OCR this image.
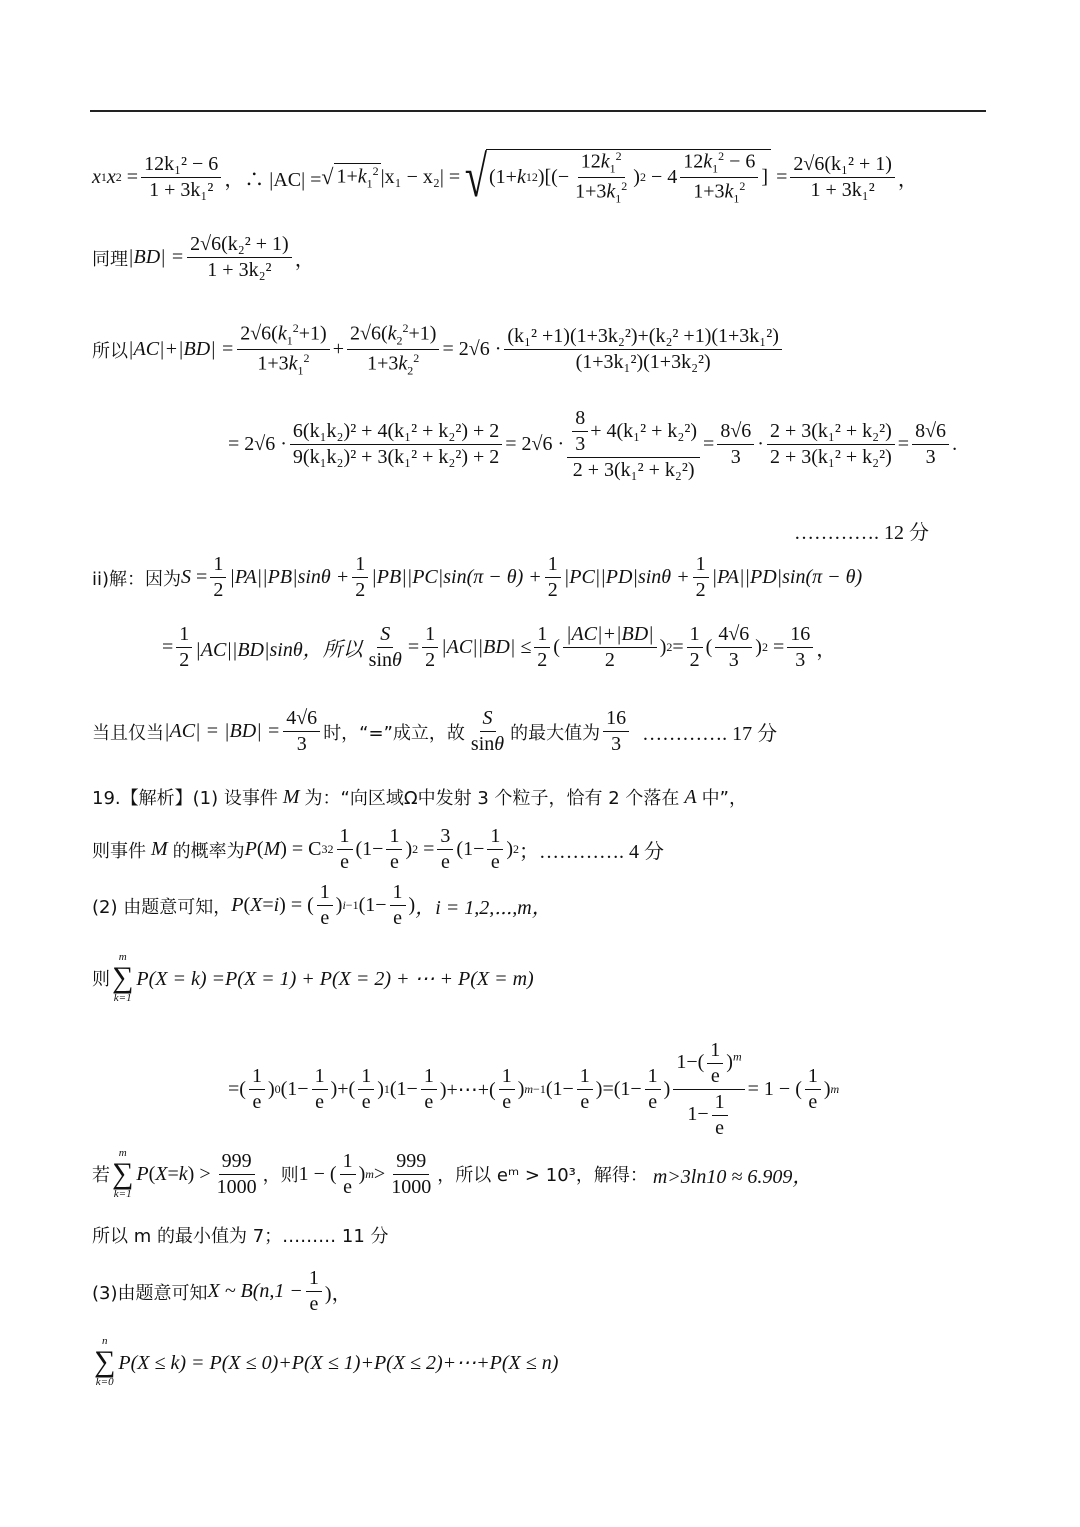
x 1 x $2 = \frac{\text{12k₁² − 6}}{\text{1 + 3k₁²}}$ ，∴ |AC| = √ $1+k_1^2$ |x₁ − x₂| = √ (1+ k 1 2 )[(−
$12k_1^2$
$1+3k_1^2$ ) 2 − 4
$12k_1^2 - 6$
$1+3k_1^2$ ] = $\frac{\text{2√6(k₁² + 1)}}{\text{1 + 3k₁²}}$ ，
同理 $|BD| = \frac{\text{2√6(k₂² + 1)}}{\text{1 + 3k₂²}}$ ，
所以 $|AC|+|BD| = \frac{2√6(k_1^2+1)}{1+3k_1^2}$ +
$2√6(k_2^2+1)$
$1+3k_2^2 = 2√6 \cdot \frac{\text{(k₁² +1)(1+3k₂²)+(k₂² +1)(1+3k₁²)}}{\text{(1+3k₁²)(1+3k₂²)}}$
= 2√6 ·
6(k₁k₂)² + 4(k₁² + k₂²) + 2
9(k₁k₂)² + 3(k₁² + k₂²) + 2
= 2√6 ·
8
3
+ 4(k₁² + k₂²)
2 + 3(k₁² + k₂²)
=
8√6
3
·
2 + 3(k₁² + k₂²)
2 + 3(k₁² + k₂²)
=
8√6
3
.
…………. 12 分
ii)解：因为 S =
1
2
$|PA||PB|\sin\theta + \frac{1}{2} |PB||PC|\sin(\pi - \theta) + \frac{1}{2} |PC||PD|\sin\theta + \frac{1}{2} |PA||PD|\sin(\pi - \theta)$
=
1
2 |AC||BD|sinθ，所以
S
sinθ
=
1
2
$|AC||BD| \le \frac{1}{2}$ (
|AC|+|BD|
2
) 2 =
1
2
(
4√6
3
) 2 =
16
3 ，
当且仅当 $|AC| = |BD| = \frac{4√6}{3}$ 时，“=”成立，故
S
sinθ 的最大值为
16
3
…………. 17 分
19.【解析】(1) 设事件 M 为：“向区域Ω中发射 3 个粒子，恰有 2 个落在 A 中”，
则事件 M 的概率为 P ( M ) = C 3 2
1
e
(1−
1
e
) 2 =
3
e
(1−
1
e
) 2 ；…………. 4 分
(2) 由题意可知， P ( X = i ) = (
1
e
) i−1 (1−
1
e
) ，i = 1,2,⋯,m，
则
m
∑
k=1
P(X = k) =P(X = 1) + P(X = 2) + ⋯ + P(X = m)
=(
1
e
) 0 (1−
1
e
)+(
1
e
) 1 (1−
1
e
)+⋯+(
1
e
) m−1 (1−
1
e
)=(1−
1
e
)
$1-( \frac{1}{e} )^m$
$1- \frac{1}{e}$
= 1 − (
1
e
) m
若
m
∑
k=1
P ( X = k ) >
999
1000 ，则 1 − (
1
e
) m >
999
1000 ，所以 eᵐ > 10³，解得：
m>3ln10 ≈ 6.909，
所以 m 的最小值为 7；……… 11 分
(3)由题意可知 X ~ $B(n,1 - \frac{1}{e}$ )，
n
∑
k=0
P(X ≤ k) = P(X ≤ 0)+P(X ≤ 1)+P(X ≤ 2)+⋯+P(X ≤ n)
